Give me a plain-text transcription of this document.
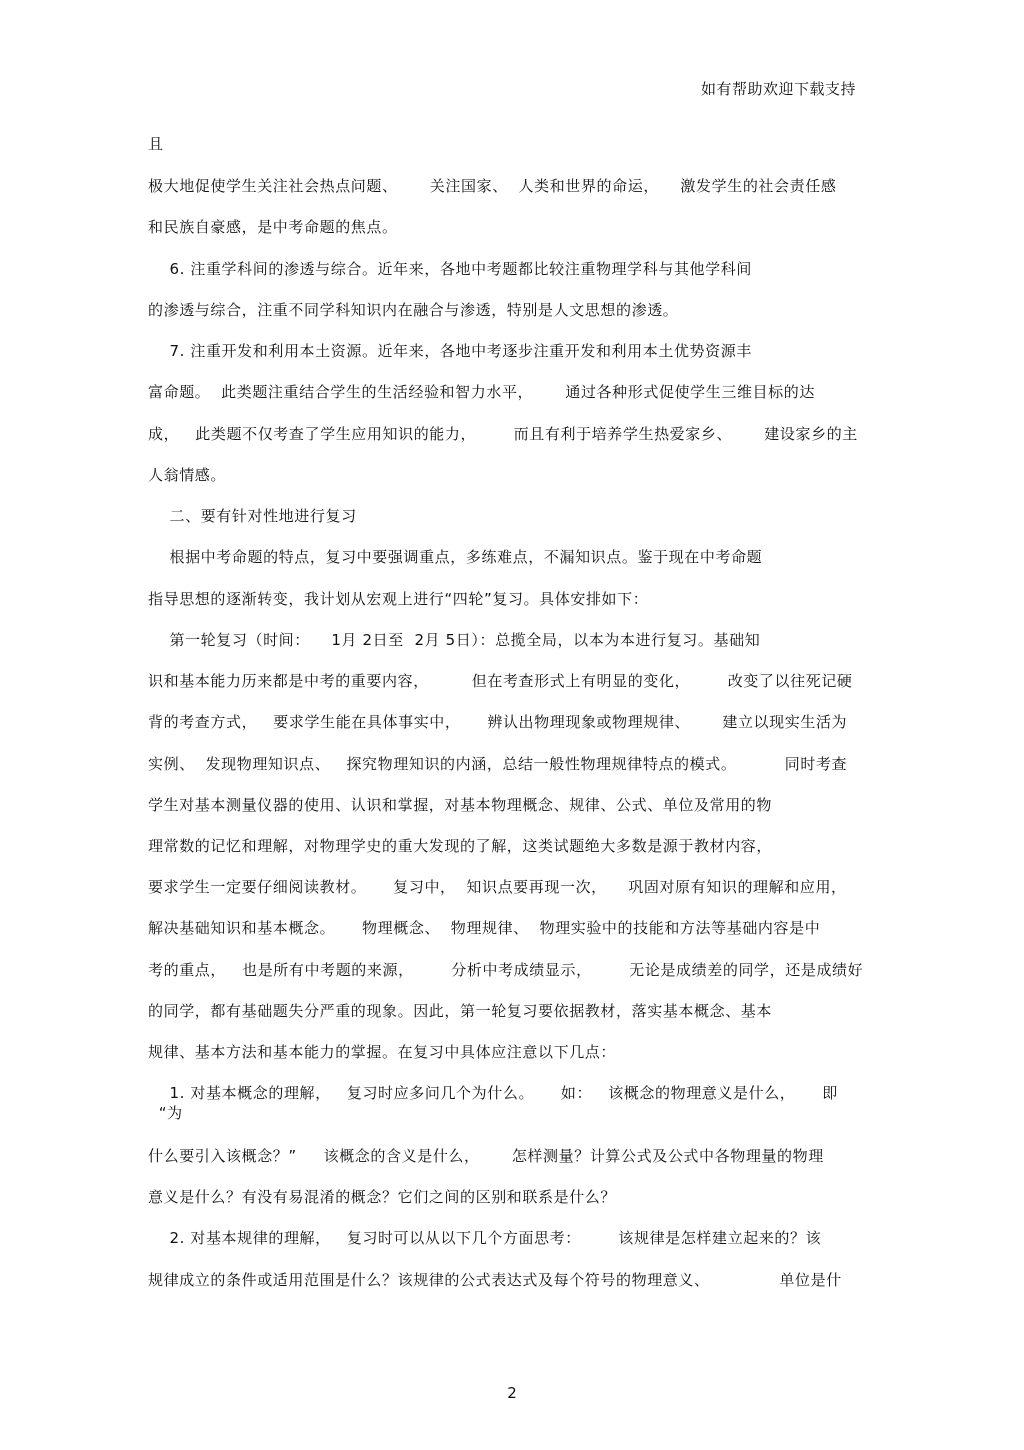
如有帮助欢迎下载支持
且
极大地促使学生关注社会热点问题、      关注国家、  人类和世界的命运，    激发学生的社会责任感
和民族自豪感，是中考命题的焦点。
6. 注重学科间的渗透与综合。近年来，各地中考题都比较注重物理学科与其他学科间
的渗透与综合，注重不同学科知识内在融合与渗透，特别是人文思想的渗透。
7. 注重开发和利用本土资源。近年来，各地中考逐步注重开发和利用本土优势资源丰
富命题。  此类题注重结合学生的生活经验和智力水平，      通过各种形式促使学生三维目标的达
成，   此类题不仅考查了学生应用知识的能力，       而且有利于培养学生热爱家乡、      建设家乡的主
人翁情感。
二、要有针对性地进行复习
根据中考命题的特点，复习中要强调重点，多练难点，不漏知识点。鉴于现在中考命题
指导思想的逐渐转变，我计划从宏观上进行“四轮”复习。具体安排如下：
第一轮复习（时间：    1月 2日至  2月 5日）：总揽全局，以本为本进行复习。基础知
识和基本能力历来都是中考的重要内容，        但在考查形式上有明显的变化，       改变了以往死记硬
背的考查方式，   要求学生能在具体事实中，     辨认出物理现象或物理规律、      建立以现实生活为
实例、  发现物理知识点、   探究物理知识的内涵，总结一般性物理规律特点的模式。         同时考查
学生对基本测量仪器的使用、认识和掌握，对基本物理概念、规律、公式、单位及常用的物
理常数的记忆和理解，对物理学史的重大发现的了解，这类试题绝大多数是源于教材内容，
要求学生一定要仔细阅读教材。     复习中，  知识点要再现一次，    巩固对原有知识的理解和应用，
解决基础知识和基本概念。     物理概念、  物理规律、  物理实验中的技能和方法等基础内容是中
考的重点，   也是所有中考题的来源，       分析中考成绩显示，       无论是成绩差的同学，还是成绩好
的同学，都有基础题失分严重的现象。因此，第一轮复习要依据教材，落实基本概念、基本
规律、基本方法和基本能力的掌握。在复习中具体应注意以下几点：
1. 对基本概念的理解，   复习时应多问几个为什么。     如：   该概念的物理意义是什么，     即
“为
什么要引入该概念？”     该概念的含义是什么，      怎样测量？计算公式及公式中各物理量的物理
意义是什么？有没有易混淆的概念？它们之间的区别和联系是什么？
2. 对基本规律的理解，   复习时可以从以下几个方面思考：       该规律是怎样建立起来的？该
规律成立的条件或适用范围是什么？该规律的公式表达式及每个符号的物理意义、             单位是什
2
